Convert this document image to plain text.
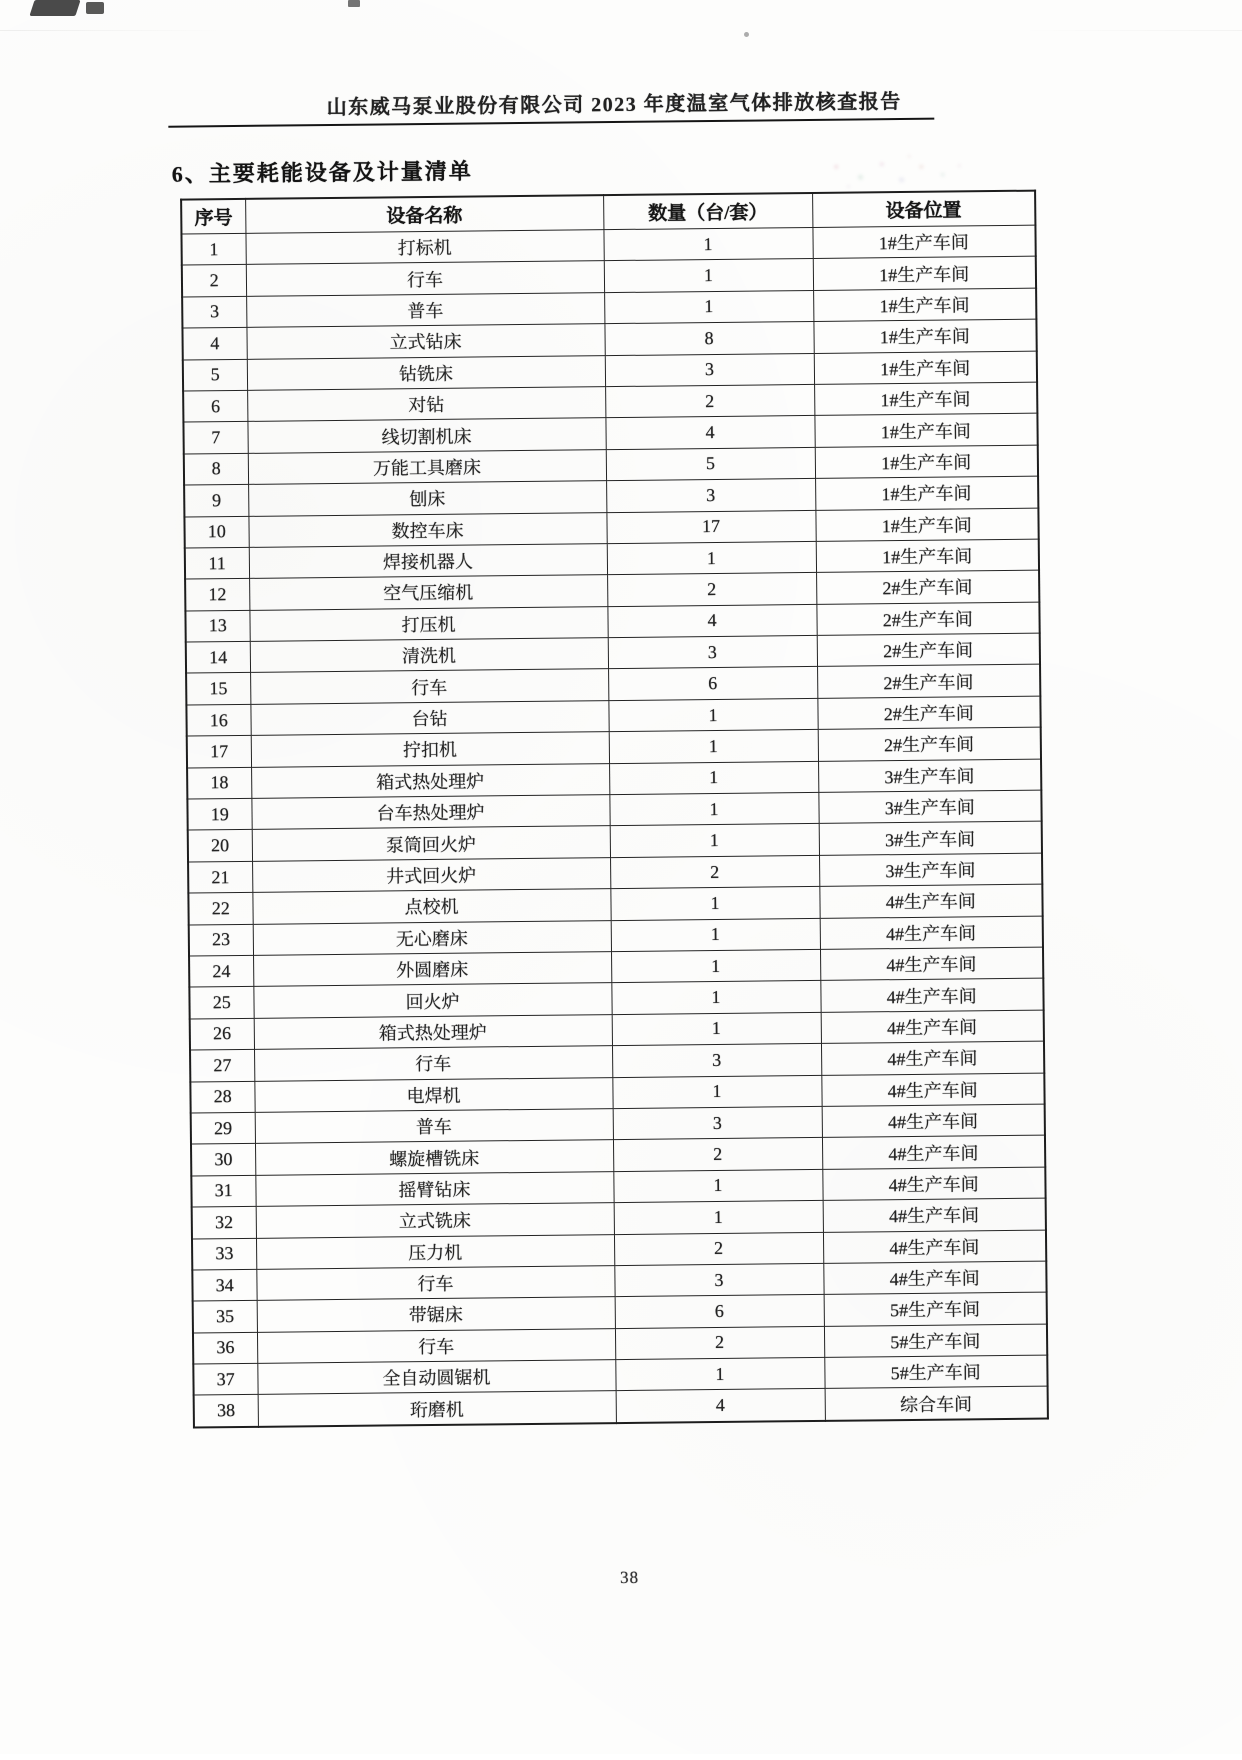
山东威马泵业股份有限公司 2023 年度温室气体排放核查报告
6、主要耗能设备及计量清单
序号	设备名称	数量（台/套）	设备位置
1	打标机	1	1#生产车间
2	行车	1	1#生产车间
3	普车	1	1#生产车间
4	立式钻床	8	1#生产车间
5	钻铣床	3	1#生产车间
6	对钻	2	1#生产车间
7	线切割机床	4	1#生产车间
8	万能工具磨床	5	1#生产车间
9	刨床	3	1#生产车间
10	数控车床	17	1#生产车间
11	焊接机器人	1	1#生产车间
12	空气压缩机	2	2#生产车间
13	打压机	4	2#生产车间
14	清洗机	3	2#生产车间
15	行车	6	2#生产车间
16	台钻	1	2#生产车间
17	拧扣机	1	2#生产车间
18	箱式热处理炉	1	3#生产车间
19	台车热处理炉	1	3#生产车间
20	泵筒回火炉	1	3#生产车间
21	井式回火炉	2	3#生产车间
22	点校机	1	4#生产车间
23	无心磨床	1	4#生产车间
24	外圆磨床	1	4#生产车间
25	回火炉	1	4#生产车间
26	箱式热处理炉	1	4#生产车间
27	行车	3	4#生产车间
28	电焊机	1	4#生产车间
29	普车	3	4#生产车间
30	螺旋槽铣床	2	4#生产车间
31	摇臂钻床	1	4#生产车间
32	立式铣床	1	4#生产车间
33	压力机	2	4#生产车间
34	行车	3	4#生产车间
35	带锯床	6	5#生产车间
36	行车	2	5#生产车间
37	全自动圆锯机	1	5#生产车间
38	珩磨机	4	综合车间
38
